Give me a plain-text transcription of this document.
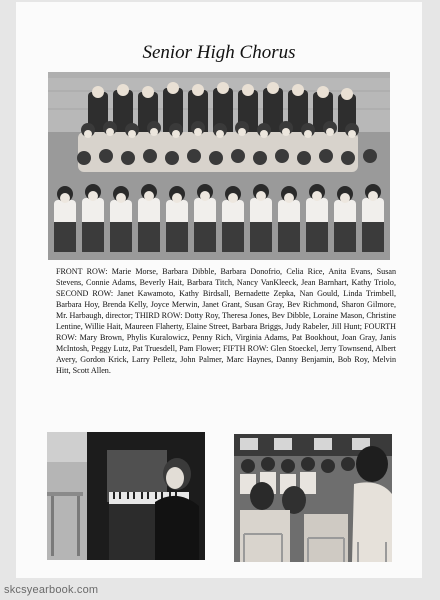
Senior High Chorus
FRONT ROW: Marie Morse, Barbara Dibble, Barbara Donofrio, Celia Rice, Anita Evans, Susan Stevens, Connie Adams, Beverly Hait, Barbara Titch, Nancy VanKleeck, Jean Barnhart, Kathy Triolo, SECOND ROW: Janet Kawamoto, Kathy Birdsall, Bernadette Zepka, Nan Gould, Linda Trimbell, Barbara Hoy, Brenda Kelly, Joyce Merwin, Janet Grant, Susan Gray, Bev Richmond, Sharon Gilmore, Mr. Harbaugh, director; THIRD ROW: Dotty Roy, Theresa Jones, Bev Dibble, Loraine Mason, Christine Lentine, Willie Hait, Maureen Flaherty, Elaine Street, Barbara Briggs, Judy Rabeler, Jill Hunt; FOURTH ROW: Mary Brown, Phylis Kuralowicz, Penny Rich, Virginia Adams, Pat Bookhout, Joan Gray, Janis McIntosh, Peggy Lutz, Pat Truesdell, Pam Flower; FIFTH ROW: Glen Stoeckel, Jerry Townsend, Albert Avery, Gordon Krick, Larry Pelletz, John Palmer, Marc Haynes, Danny Benjamin, Bob Roy, Melvin Hitt, Scott Allen.
skcsyearbook.com
